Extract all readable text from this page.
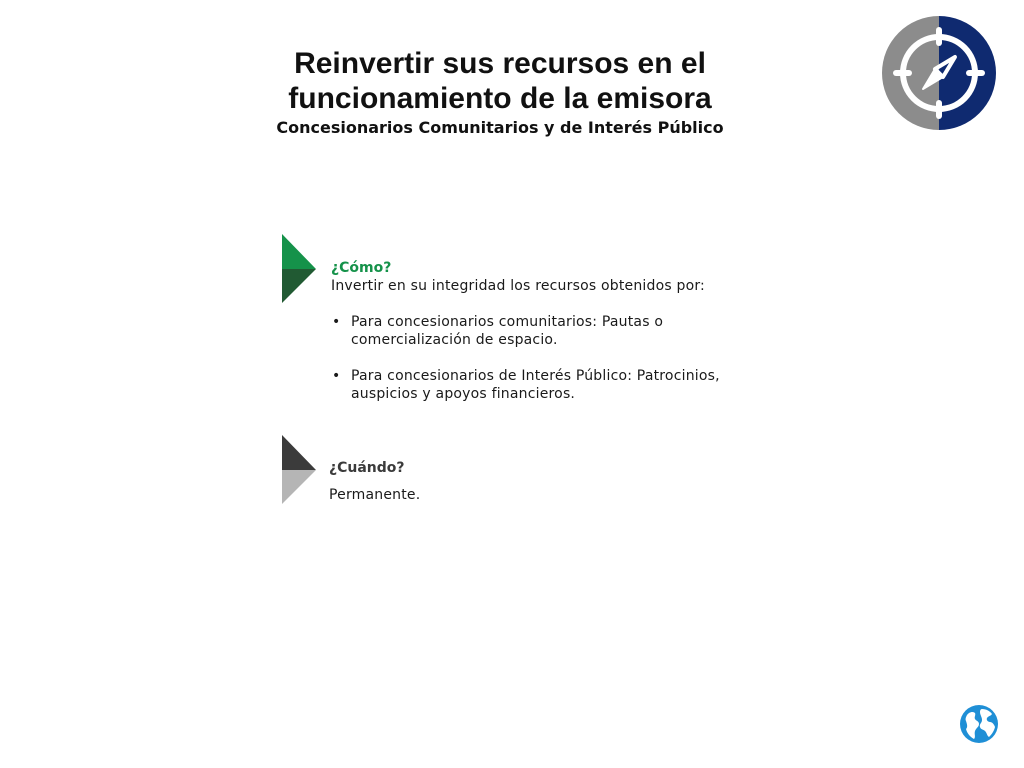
Reinvertir sus recursos en el funcionamiento de la emisora

Concesionarios Comunitarios y de Interés Público

¿Cómo?

Invertir en su integridad los recursos obtenidos por:

• Para concesionarios comunitarios: Pautas o comercialización de espacio.
• Para concesionarios de Interés Público: Patrocinios, auspicios y apoyos financieros.
¿Cuándo?

Permanente.
